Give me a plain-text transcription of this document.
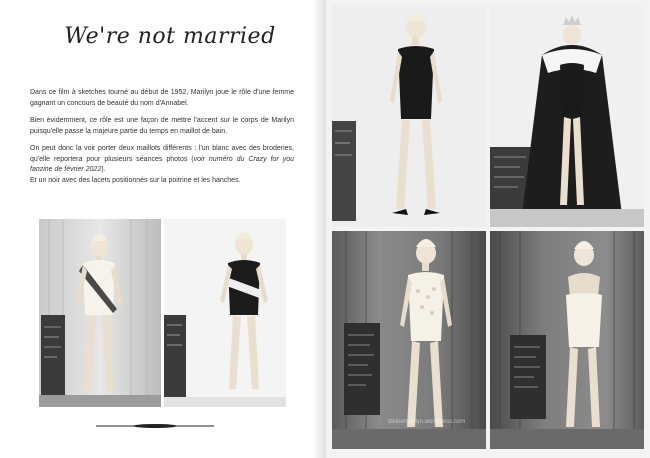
We're not married

Dans ce film à sketches tourné au début de 1952, Marilyn joue le rôle d'une femme gagnant un concours de beauté du nom d'Annabel.

Bien évidemment, ce rôle est une façon de mettre l'accent sur le corps de Marilyn puisqu'elle passe la majeure partie du temps en maillot de bain.

On peut donc la voir porter deux maillots différents : l'un blanc avec des broderies, qu'elle reportera pour plusieurs séances photos (voir numéro du Crazy for you fanzine de février 2022).

Et un noir avec des lacets positionnés sur la poitrine et les hanches.

divinemarilyn.wordpress.com
